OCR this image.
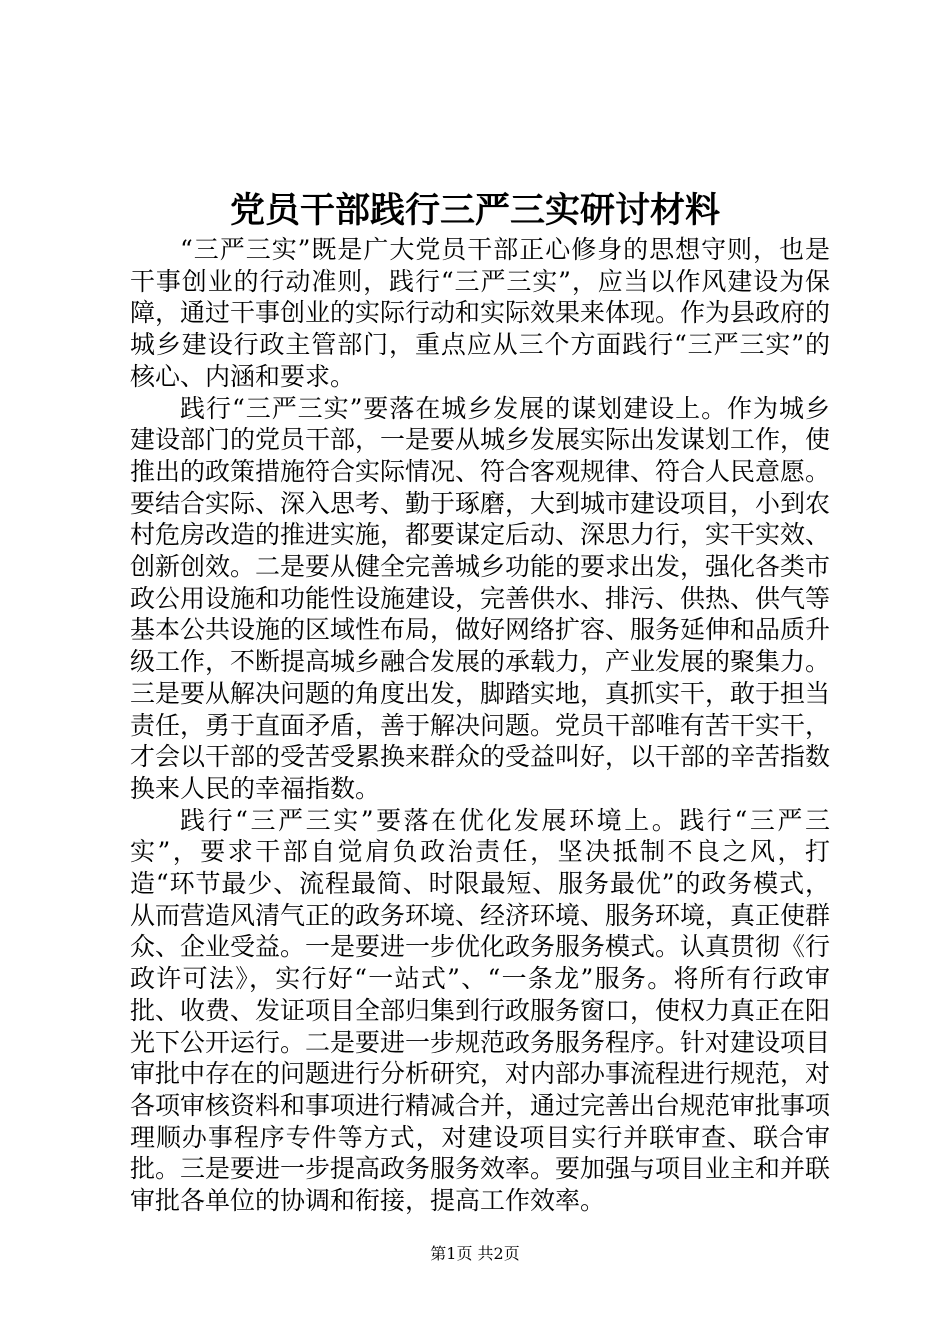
党员干部践行三严三实研讨材料

“三严三实”既是广大党员干部正心修身的思想守则，也是干事创业的行动准则，践行“三严三实”，应当以作风建设为保障，通过干事创业的实际行动和实际效果来体现。作为县政府的城乡建设行政主管部门，重点应从三个方面践行“三严三实”的核心、内涵和要求。

践行“三严三实”要落在城乡发展的谋划建设上。作为城乡建设部门的党员干部，一是要从城乡发展实际出发谋划工作，使推出的政策措施符合实际情况、符合客观规律、符合人民意愿。要结合实际、深入思考、勤于琢磨，大到城市建设项目，小到农村危房改造的推进实施，都要谋定后动、深思力行，实干实效、创新创效。二是要从健全完善城乡功能的要求出发，强化各类市政公用设施和功能性设施建设，完善供水、排污、供热、供气等基本公共设施的区域性布局，做好网络扩容、服务延伸和品质升级工作，不断提高城乡融合发展的承载力，产业发展的聚集力。三是要从解决问题的角度出发，脚踏实地，真抓实干，敢于担当责任，勇于直面矛盾，善于解决问题。党员干部唯有苦干实干，才会以干部的受苦受累换来群众的受益叫好，以干部的辛苦指数换来人民的幸福指数。

践行“三严三实”要落在优化发展环境上。践行“三严三实”，要求干部自觉肩负政治责任，坚决抵制不良之风，打造“环节最少、流程最简、时限最短、服务最优”的政务模式，从而营造风清气正的政务环境、经济环境、服务环境，真正使群众、企业受益。一是要进一步优化政务服务模式。认真贯彻《行政许可法》，实行好“一站式”、“一条龙”服务。将所有行政审批、收费、发证项目全部归集到行政服务窗口，使权力真正在阳光下公开运行。二是要进一步规范政务服务程序。针对建设项目审批中存在的问题进行分析研究，对内部办事流程进行规范，对各项审核资料和事项进行精减合并，通过完善出台规范审批事项理顺办事程序专件等方式，对建设项目实行并联审查、联合审批。三是要进一步提高政务服务效率。要加强与项目业主和并联审批各单位的协调和衔接，提高工作效率。

第1页 共2页
